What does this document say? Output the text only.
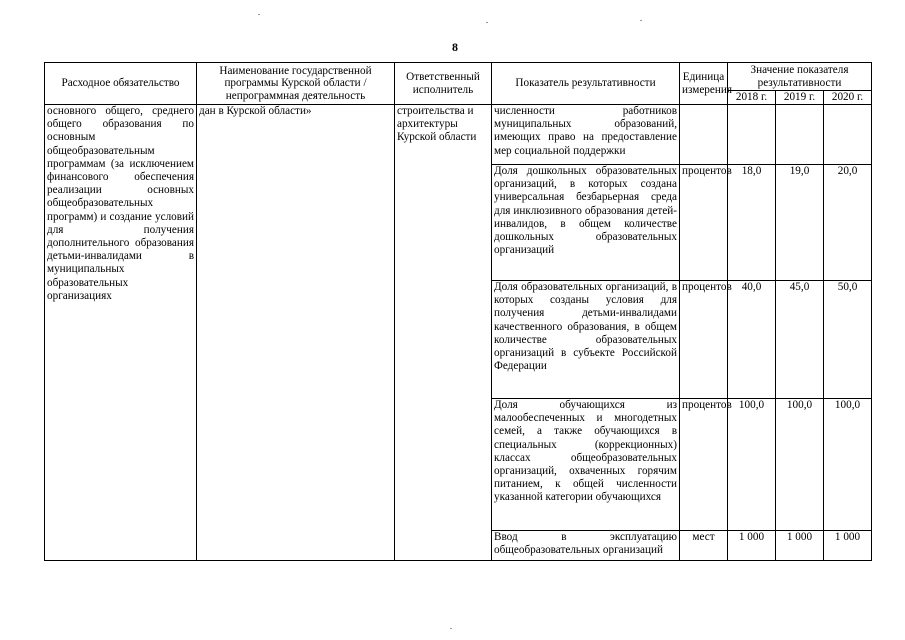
8
Расходное обязательство	Наименование государственной программы Курской области / непрограммная деятельность	Ответственный исполнитель	Показатель результативности	Единица измерения	Значение показателя результативности		
					2018 г.	2019 г.	2020 г.
основного общего, среднего общего образования по основным общеобразовательным программам (за исключением финансового обеспечения реализации основных общеобразовательных программ) и создание условий для получения дополнительного образования детьми-инвалидами в муниципальных образовательных организациях	дан в Курской области»	строительства и архитектуры Курской области	численности работников муниципальных образований, имеющих право на предоставление мер социальной поддержки				
			Доля дошкольных образовательных организаций, в которых создана универсальная безбарьерная среда для инклюзивного образования детей-инвалидов, в общем количестве дошкольных образовательных организаций	процентов	18,0	19,0	20,0
			Доля образовательных организаций, в которых созданы условия для получения детьми-инвалидами качественного образования, в общем количестве образовательных организаций в субъекте Российской Федерации	процентов	40,0	45,0	50,0
			Доля обучающихся из малообеспеченных и многодетных семей, а также обучающихся в специальных (коррекционных) классах общеобразовательных организаций, охваченных горячим питанием, к общей численности указанной категории обучающихся	процентов	100,0	100,0	100,0
			Ввод в эксплуатацию общеобразовательных организаций	мест	1 000	1 000	1 000
